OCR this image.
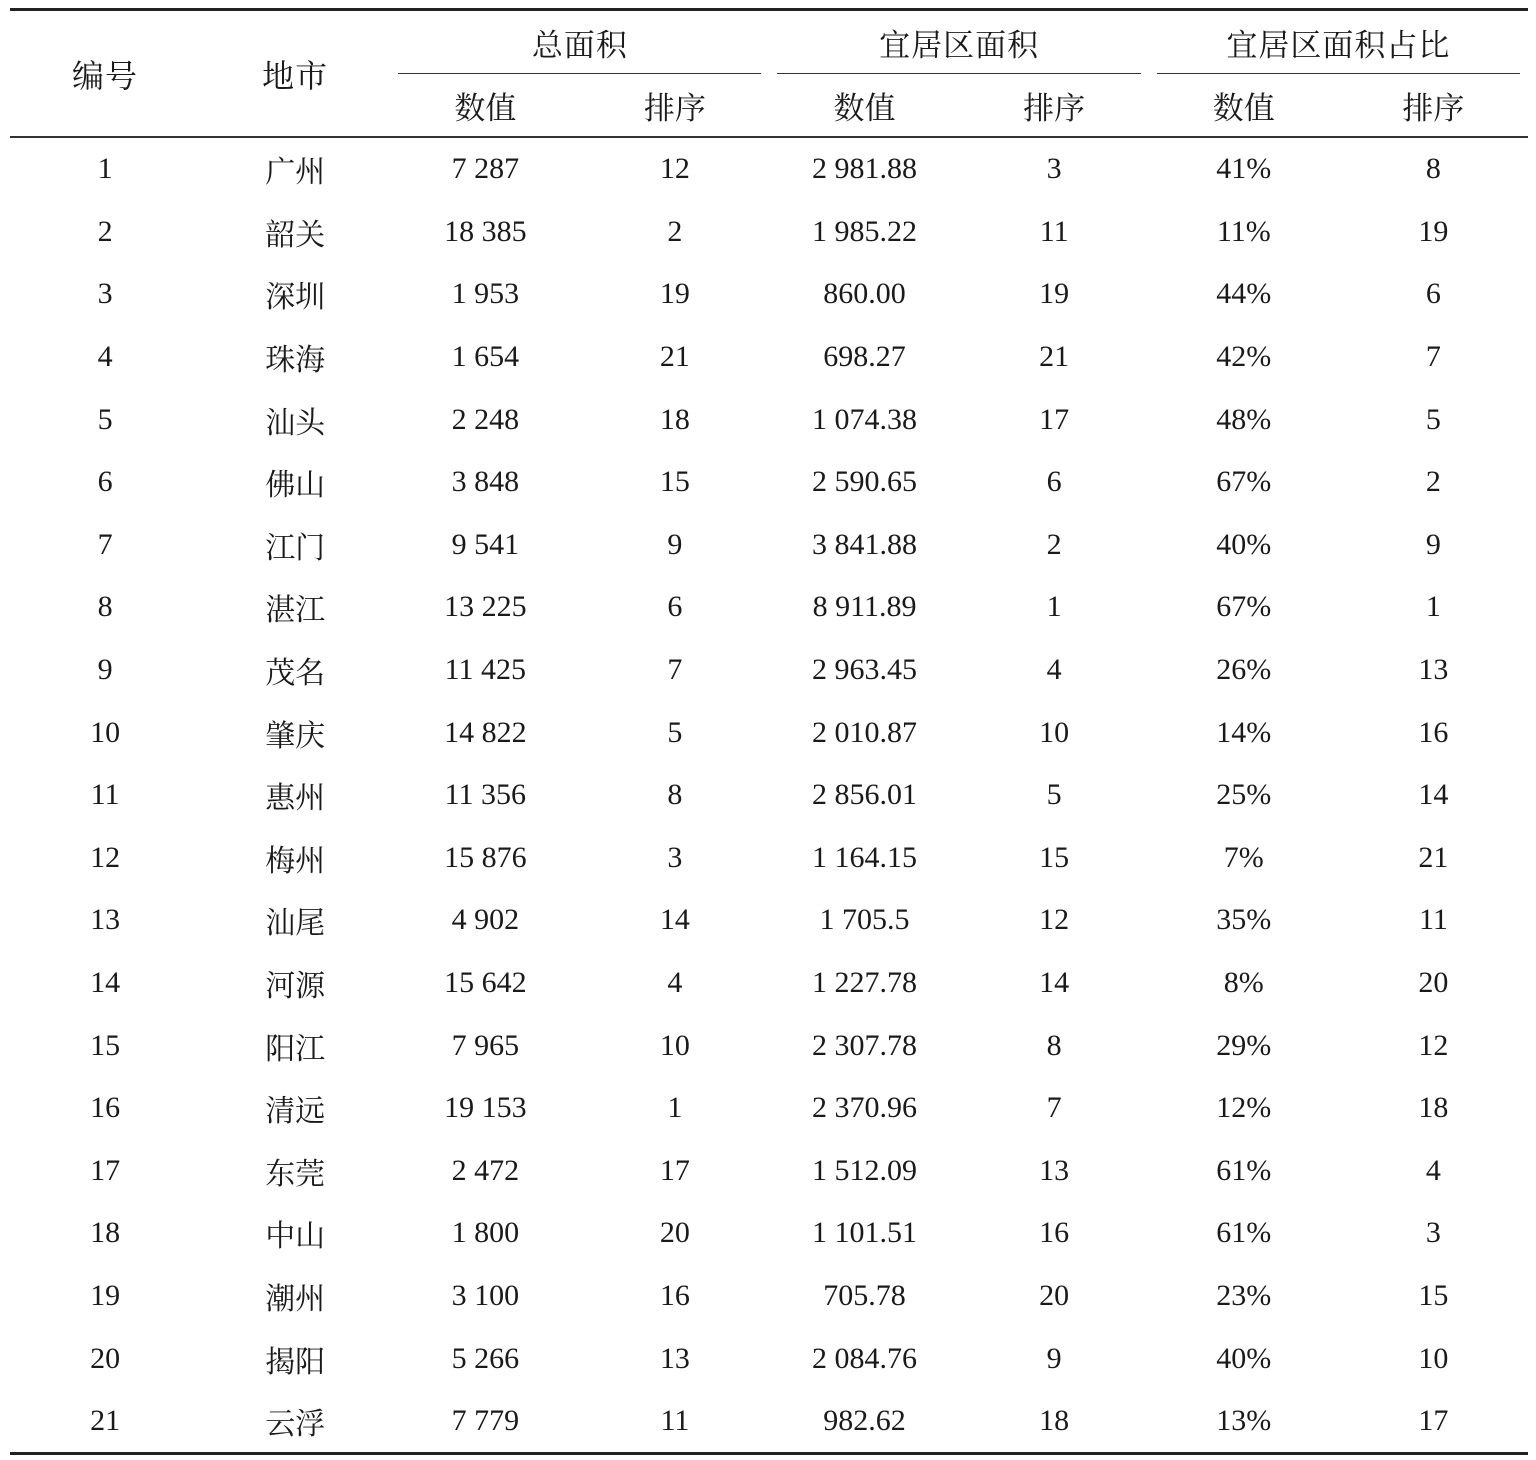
编号	地市	总面积		宜居区面积		宜居区面积占比	
		数值	排序	数值	排序	数值	排序
1	广州	7 287	12	2 981.88	3	41%	8
2	韶关	18 385	2	1 985.22	11	11%	19
3	深圳	1 953	19	860.00	19	44%	6
4	珠海	1 654	21	698.27	21	42%	7
5	汕头	2 248	18	1 074.38	17	48%	5
6	佛山	3 848	15	2 590.65	6	67%	2
7	江门	9 541	9	3 841.88	2	40%	9
8	湛江	13 225	6	8 911.89	1	67%	1
9	茂名	11 425	7	2 963.45	4	26%	13
10	肇庆	14 822	5	2 010.87	10	14%	16
11	惠州	11 356	8	2 856.01	5	25%	14
12	梅州	15 876	3	1 164.15	15	7%	21
13	汕尾	4 902	14	1 705.5	12	35%	11
14	河源	15 642	4	1 227.78	14	8%	20
15	阳江	7 965	10	2 307.78	8	29%	12
16	清远	19 153	1	2 370.96	7	12%	18
17	东莞	2 472	17	1 512.09	13	61%	4
18	中山	1 800	20	1 101.51	16	61%	3
19	潮州	3 100	16	705.78	20	23%	15
20	揭阳	5 266	13	2 084.76	9	40%	10
21	云浮	7 779	11	982.62	18	13%	17
